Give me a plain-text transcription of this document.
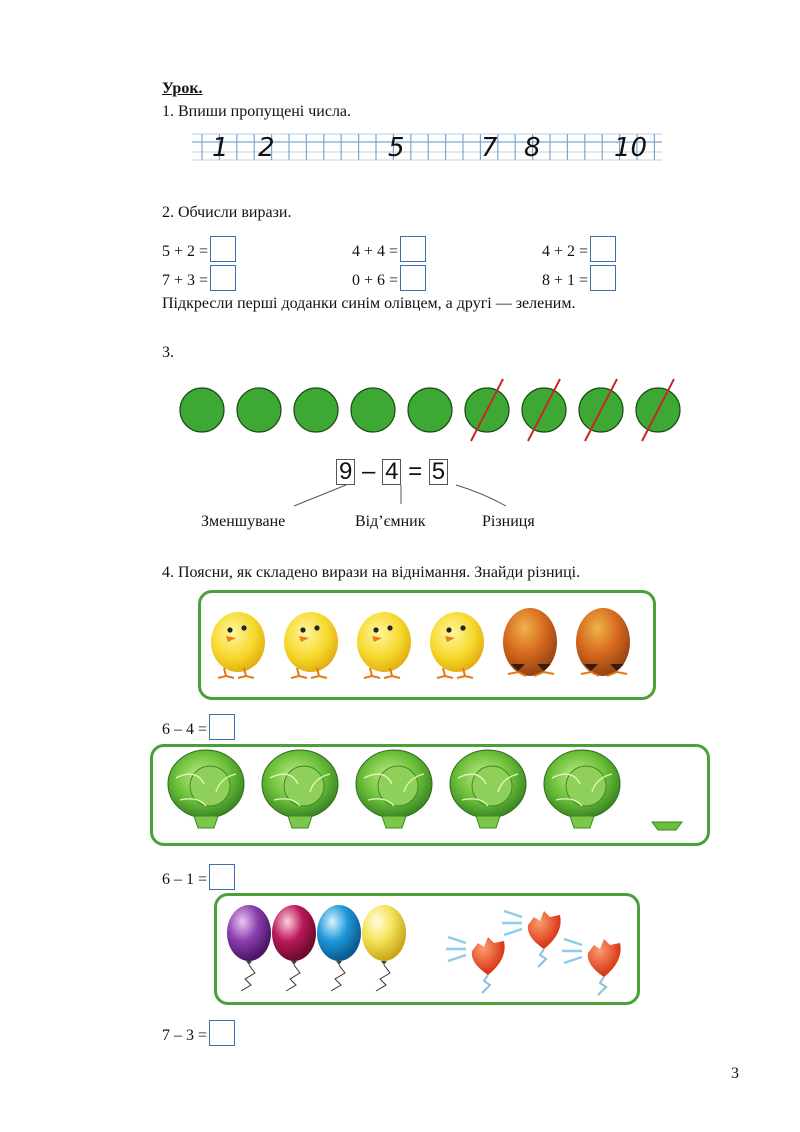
Урок.
1. Впиши пропущені числа.
1 2	5	7 8	10
2. Обчисли вирази.
5 + 2 =	4 + 4 =	4 + 2 =
7 + 3 =	0 + 6 =	8 + 1 =
Підкресли перші доданки синім олівцем, а другі — зеленим.
3.
9 – 4 = 5
Зменшуване	Від’ємник	Різниця
4. Поясни, як складено вирази на віднімання. Знайди різниці.
6 – 4 =
6 – 1 =
7 – 3 =
3
